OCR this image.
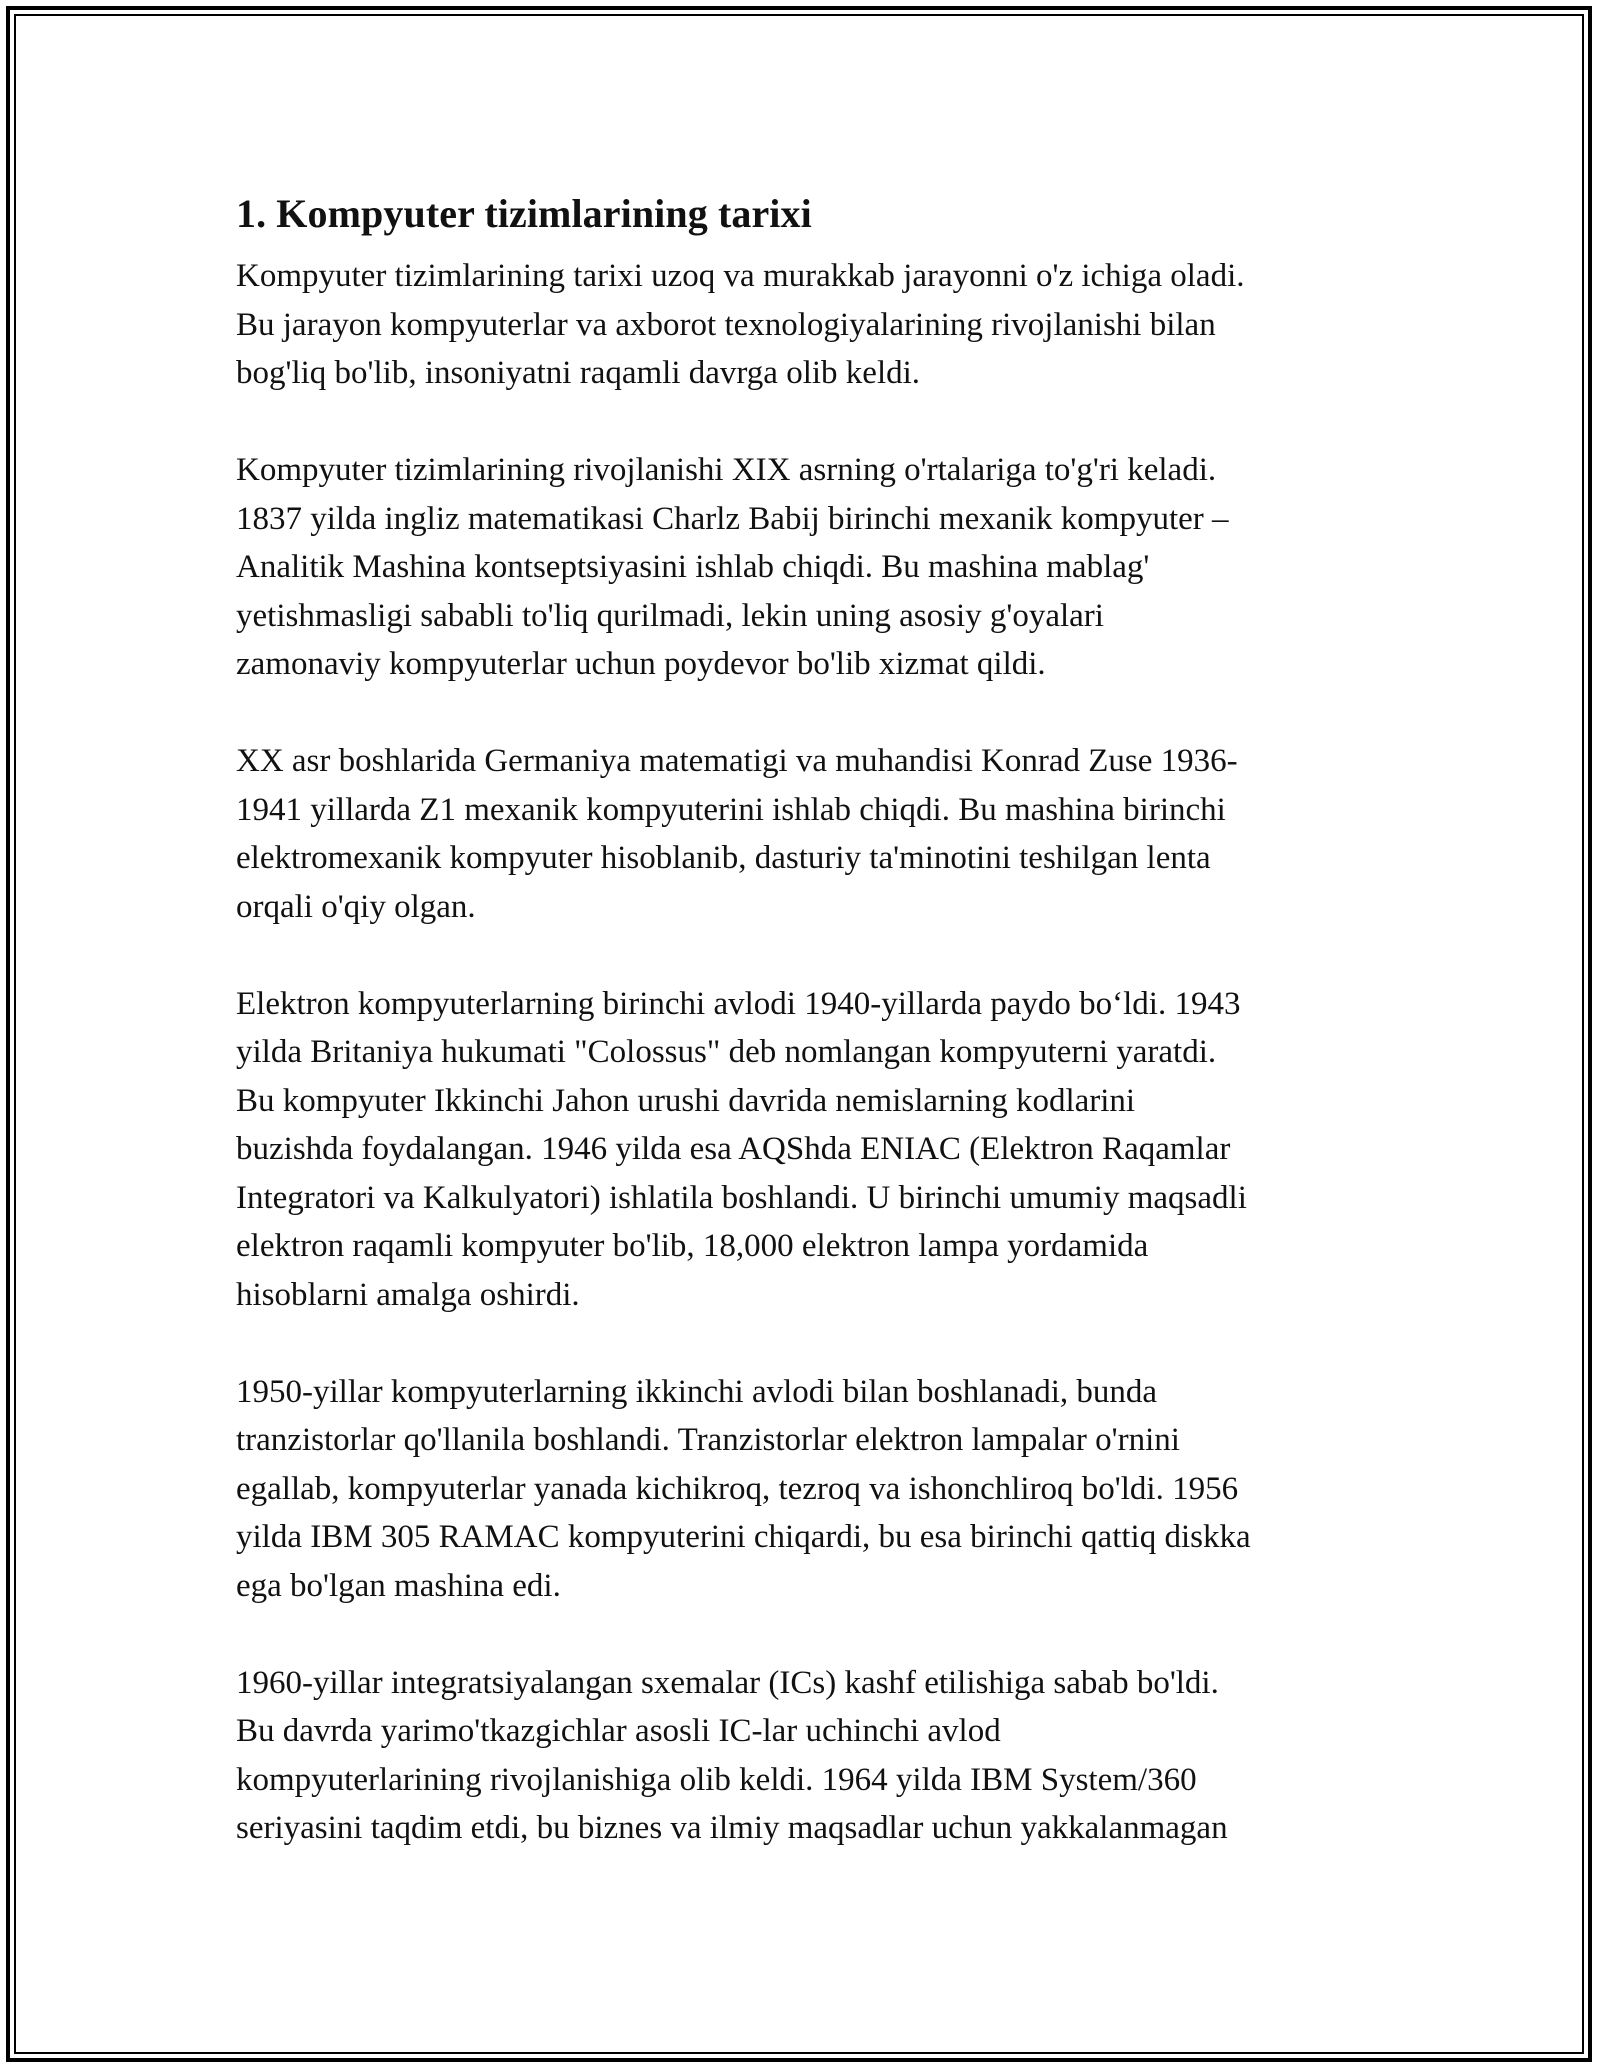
1. Kompyuter tizimlarining tarixi

Kompyuter tizimlarining tarixi uzoq va murakkab jarayonni o'z ichiga oladi.
Bu jarayon kompyuterlar va axborot texnologiyalarining rivojlanishi bilan
bog'liq bo'lib, insoniyatni raqamli davrga olib keldi.

Kompyuter tizimlarining rivojlanishi XIX asrning o'rtalariga to'g'ri keladi.
1837 yilda ingliz matematikasi Charlz Babij birinchi mexanik kompyuter –
Analitik Mashina kontseptsiyasini ishlab chiqdi. Bu mashina mablag'
yetishmasligi sababli to'liq qurilmadi, lekin uning asosiy g'oyalari
zamonaviy kompyuterlar uchun poydevor bo'lib xizmat qildi.

XX asr boshlarida Germaniya matematigi va muhandisi Konrad Zuse 1936-
1941 yillarda Z1 mexanik kompyuterini ishlab chiqdi. Bu mashina birinchi
elektromexanik kompyuter hisoblanib, dasturiy ta'minotini teshilgan lenta
orqali o'qiy olgan.

Elektron kompyuterlarning birinchi avlodi 1940-yillarda paydo bo‘ldi. 1943
yilda Britaniya hukumati "Colossus" deb nomlangan kompyuterni yaratdi.
Bu kompyuter Ikkinchi Jahon urushi davrida nemislarning kodlarini
buzishda foydalangan. 1946 yilda esa AQShda ENIAC (Elektron Raqamlar
Integratori va Kalkulyatori) ishlatila boshlandi. U birinchi umumiy maqsadli
elektron raqamli kompyuter bo'lib, 18,000 elektron lampa yordamida
hisoblarni amalga oshirdi.

1950-yillar kompyuterlarning ikkinchi avlodi bilan boshlanadi, bunda
tranzistorlar qo'llanila boshlandi. Tranzistorlar elektron lampalar o'rnini
egallab, kompyuterlar yanada kichikroq, tezroq va ishonchliroq bo'ldi. 1956
yilda IBM 305 RAMAC kompyuterini chiqardi, bu esa birinchi qattiq diskka
ega bo'lgan mashina edi.

1960-yillar integratsiyalangan sxemalar (ICs) kashf etilishiga sabab bo'ldi.
Bu davrda yarimo'tkazgichlar asosli IC-lar uchinchi avlod
kompyuterlarining rivojlanishiga olib keldi. 1964 yilda IBM System/360
seriyasini taqdim etdi, bu biznes va ilmiy maqsadlar uchun yakkalanmagan
